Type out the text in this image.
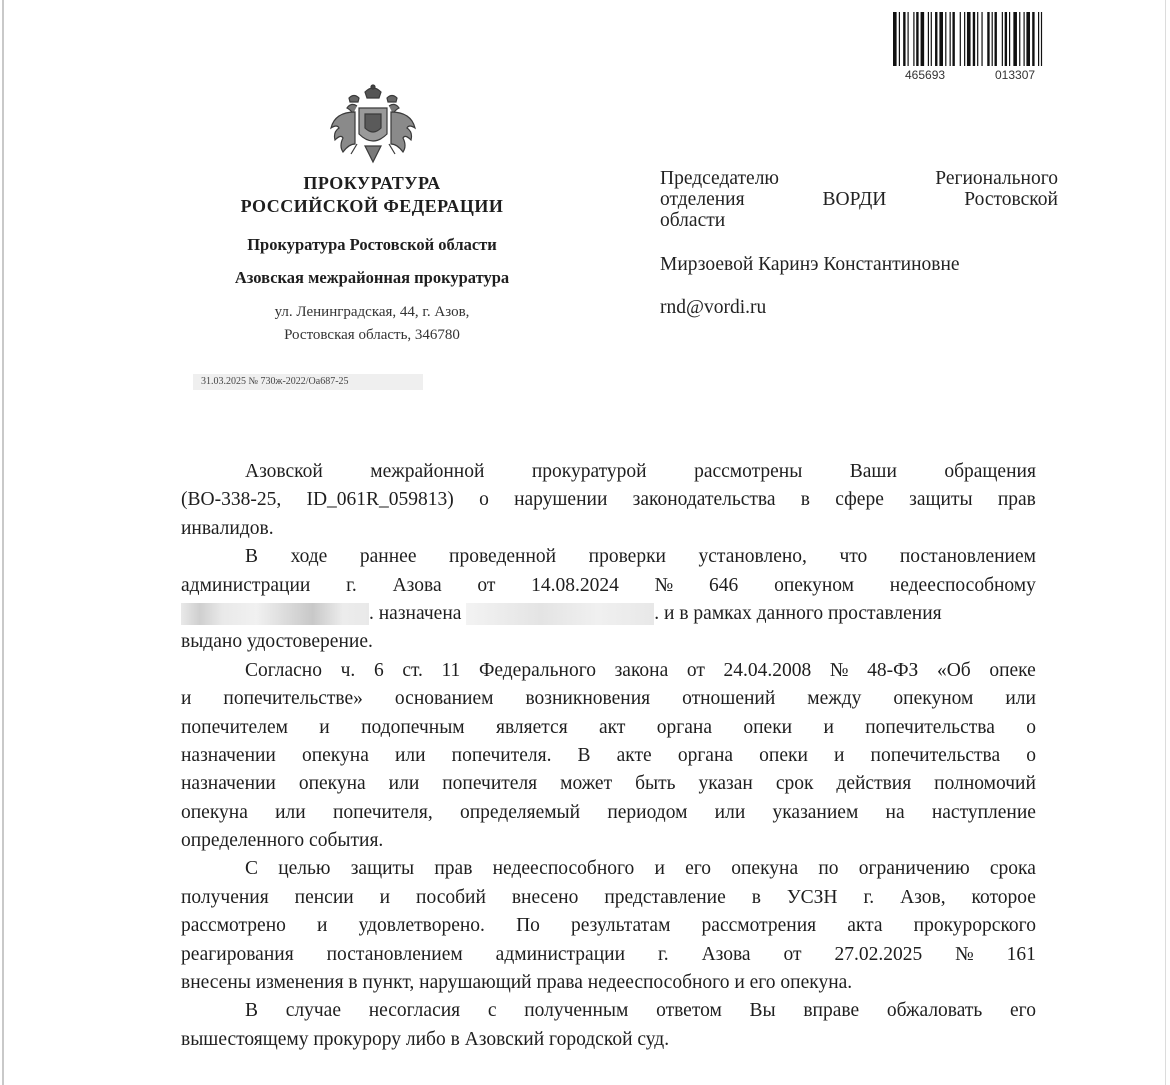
465693	013307
ПРОКУРАТУРА
РОССИЙСКОЙ ФЕДЕРАЦИИ
Прокуратура Ростовской области
Азовская межрайонная прокуратура
ул. Ленинградская, 44, г. Азов,
Ростовская область, 346780
31.03.2025 № 730ж-2022/Оа687-25
Председателю	Регионального
отделения	ВОРДИ	Ростовской
области
Мирзоевой Каринэ Константиновне
rnd@vordi.ru
Азовской межрайонной прокуратурой рассмотрены Ваши обращения
(ВО-338-25, ID_061R_059813) о нарушении законодательства в сфере защиты прав
инвалидов.
В ходе раннее проведенной проверки установлено, что постановлением
администрации г. Азова от 14.08.2024 № 646 опекуном недееспособному
. назначена	. и в рамках данного проставления
выдано удостоверение.
Согласно ч. 6 ст. 11 Федерального закона от 24.04.2008 № 48-ФЗ «Об опеке
и попечительстве» основанием возникновения отношений между опекуном или
попечителем и подопечным является акт органа опеки и попечительства о
назначении опекуна или попечителя. В акте органа опеки и попечительства о
назначении опекуна или попечителя может быть указан срок действия полномочий
опекуна или попечителя, определяемый периодом или указанием на наступление
определенного события.
С целью защиты прав недееспособного и его опекуна по ограничению срока
получения пенсии и пособий внесено представление в УСЗН г. Азов, которое
рассмотрено и удовлетворено. По результатам рассмотрения акта прокурорского
реагирования постановлением администрации г. Азова от 27.02.2025 № 161
внесены изменения в пункт, нарушающий права недееспособного и его опекуна.
В случае несогласия с полученным ответом Вы вправе обжаловать его
вышестоящему прокурору либо в Азовский городской суд.
